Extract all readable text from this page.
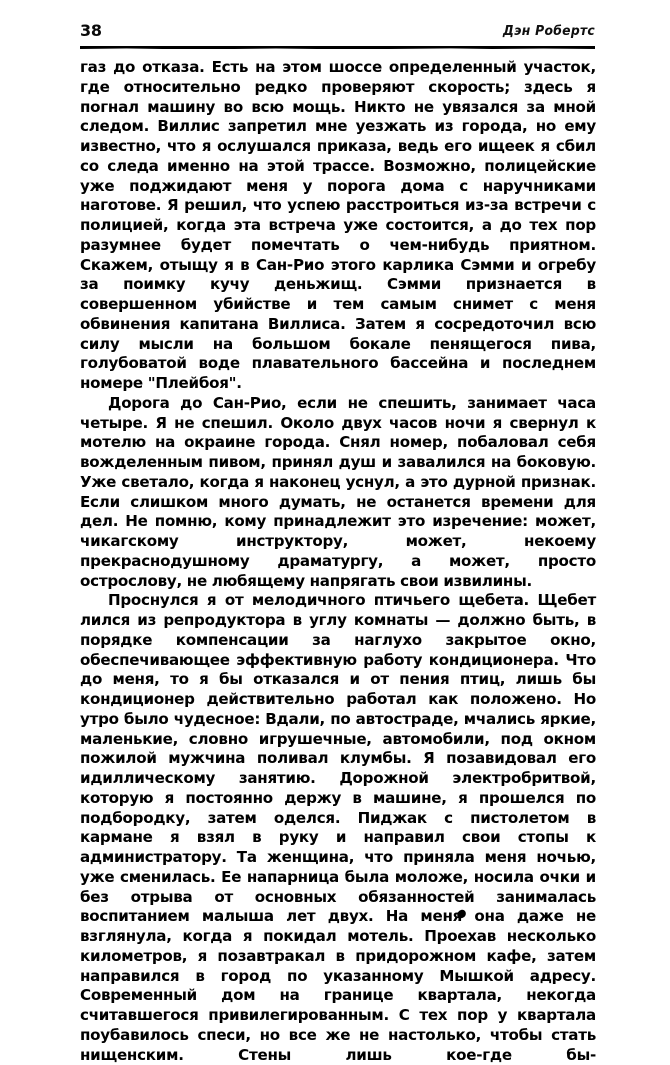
38	Дэн Робертс

газ до отказа. Есть на этом шоссе определенный участок, где относительно редко проверяют скорость; здесь я погнал машину во всю мощь. Никто не увязался за мной следом. Виллис запретил мне уезжать из города, но ему известно, что я ослушался приказа, ведь его ищеек я сбил со следа именно на этой трассе. Возможно, полицейские уже поджидают меня у порога дома с наручниками наготове. Я решил, что успею расстроиться из-за встречи с полицией, когда эта встреча уже состоится, а до тех пор разумнее будет помечтать о чем-нибудь приятном. Скажем, отыщу я в Сан-Рио этого карлика Сэмми и огребу за поимку кучу деньжищ. Сэмми признается в совершенном убийстве и тем самым снимет с меня обвинения капитана Виллиса. Затем я сосредоточил всю силу мысли на большом бокале пенящегося пива, голубоватой воде плавательного бассейна и последнем номере "Плейбоя".

Дорога до Сан-Рио, если не спешить, занимает часа четыре. Я не спешил. Около двух часов ночи я свернул к мотелю на окраине города. Снял номер, побаловал себя вожделенным пивом, принял душ и завалился на боковую. Уже светало, когда я наконец уснул, а это дурной признак. Если слишком много думать, не останется времени для дел. Не помню, кому принадлежит это изречение: может, чикагскому инструктору, может, некоему прекраснодушному драматургу, а может, просто острослову, не любящему напрягать свои извилины.

Проснулся я от мелодичного птичьего щебета. Щебет лился из репродуктора в углу комнаты — должно быть, в порядке компенсации за наглухо закрытое окно, обеспечивающее эффективную работу кондиционера. Что до меня, то я бы отказался и от пения птиц, лишь бы кондиционер действительно работал как положено. Но утро было чудесное: Вдали, по автостраде, мчались яркие, маленькие, словно игрушечные, автомобили, под окном пожилой мужчина поливал клумбы. Я позавидовал его идиллическому занятию. Дорожной электробритвой, которую я постоянно держу в машине, я прошелся по подбородку, затем оделся. Пиджак с пистолетом в кармане я взял в руку и направил свои стопы к администратору. Та женщина, что приняла меня ночью, уже сменилась. Ее напарница была моложе, носила очки и без отрыва от основных обязанностей занималась воспитанием малыша лет двух. На меня она даже не взглянула, когда я покидал мотель. Проехав несколько километров, я позавтракал в придорожном кафе, затем направился в город по указанному Мышкой адресу. Современный дом на границе квартала, некогда считавшегося привилегированным. С тех пор у квартала поубавилось спеси, но все же не настолько, чтобы стать нищенским. Стены лишь кое-где бы-
